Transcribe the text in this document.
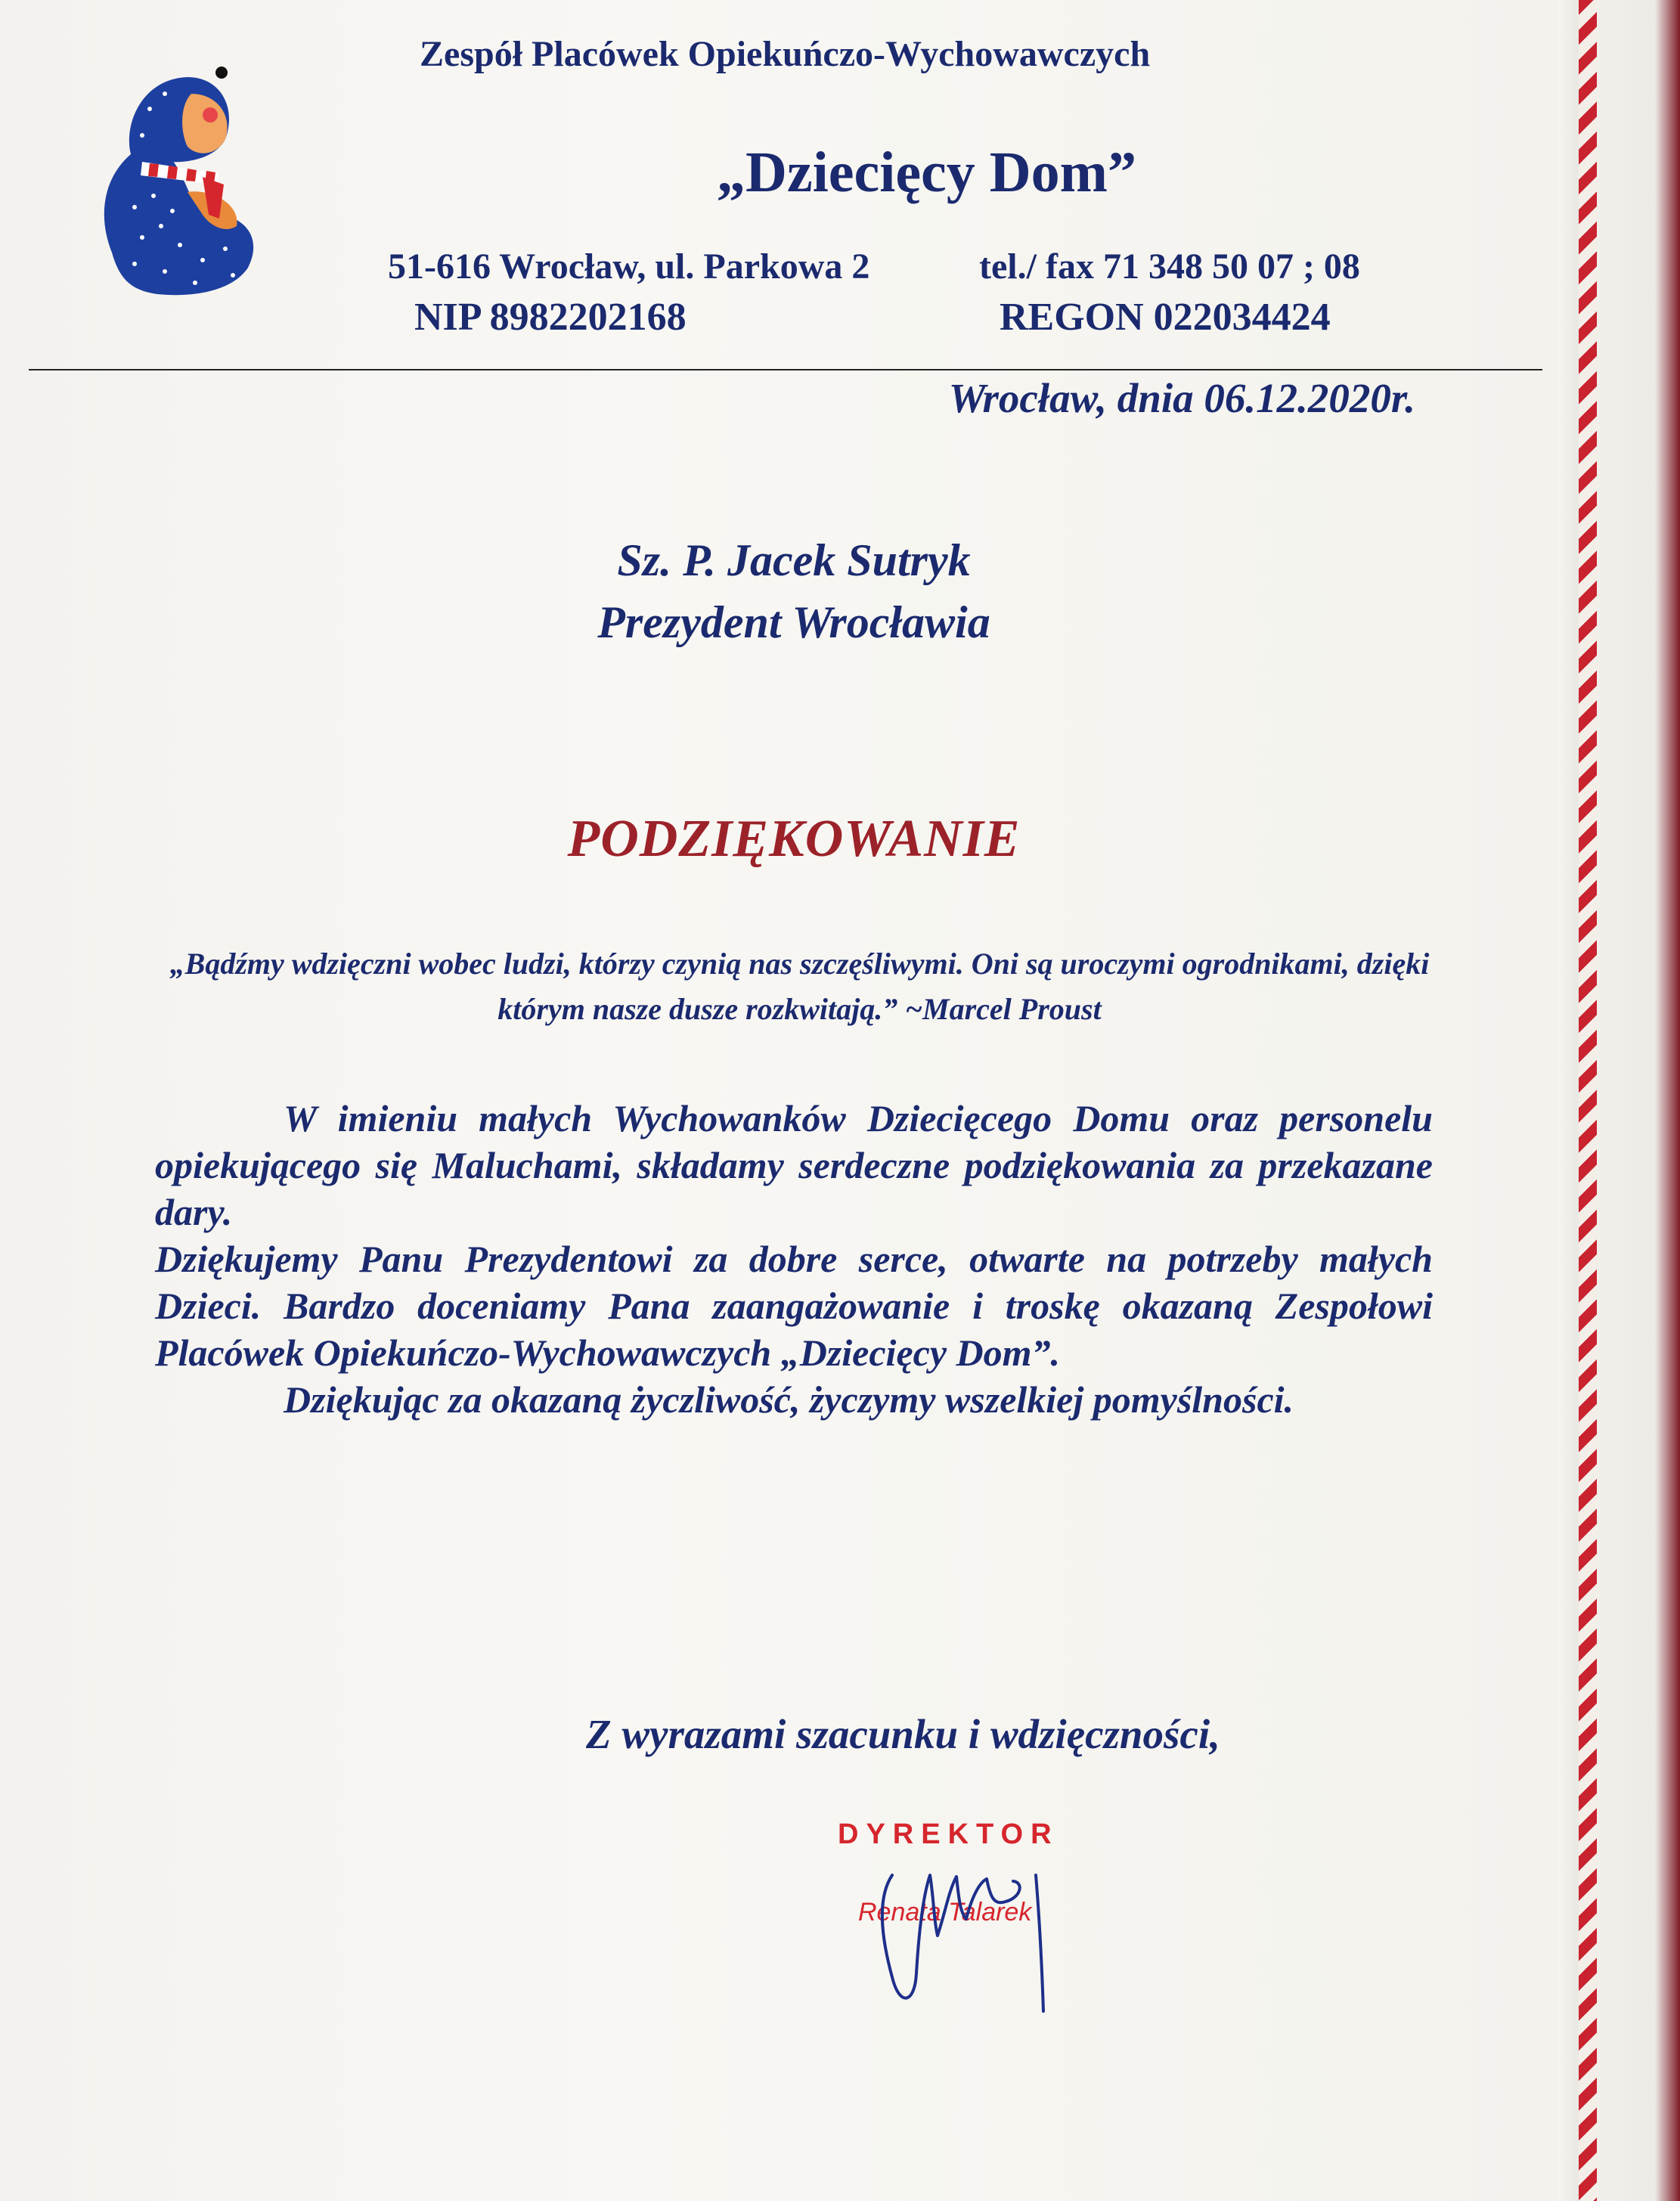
Zespół Placówek Opiekuńczo-Wychowawczych
„Dziecięcy Dom”
51-616 Wrocław, ul. Parkowa 2	tel./ fax 71 348 50 07 ; 08
NIP 8982202168	REGON 022034424
Wrocław, dnia 06.12.2020r.
Sz. P. Jacek Sutryk
Prezydent Wrocławia
PODZIĘKOWANIE
„Bądźmy wdzięczni wobec ludzi, którzy czynią nas szczęśliwymi. Oni są uroczymi ogrodnikami, dzięki którym nasze dusze rozkwitają.” ~Marcel Proust

W imieniu małych Wychowanków Dziecięcego Domu oraz personelu opiekującego się Maluchami, składamy serdeczne podziękowania za przekazane dary.

Dziękujemy Panu Prezydentowi za dobre serce, otwarte na potrzeby małych Dzieci. Bardzo doceniamy Pana zaangażowanie i troskę okazaną Zespołowi Placówek Opiekuńczo-Wychowawczych „Dziecięcy Dom”.

Dziękując za okazaną życzliwość, życzymy wszelkiej pomyślności.

Z wyrazami szacunku i wdzięczności,
DYREKTOR
Renata Talarek
